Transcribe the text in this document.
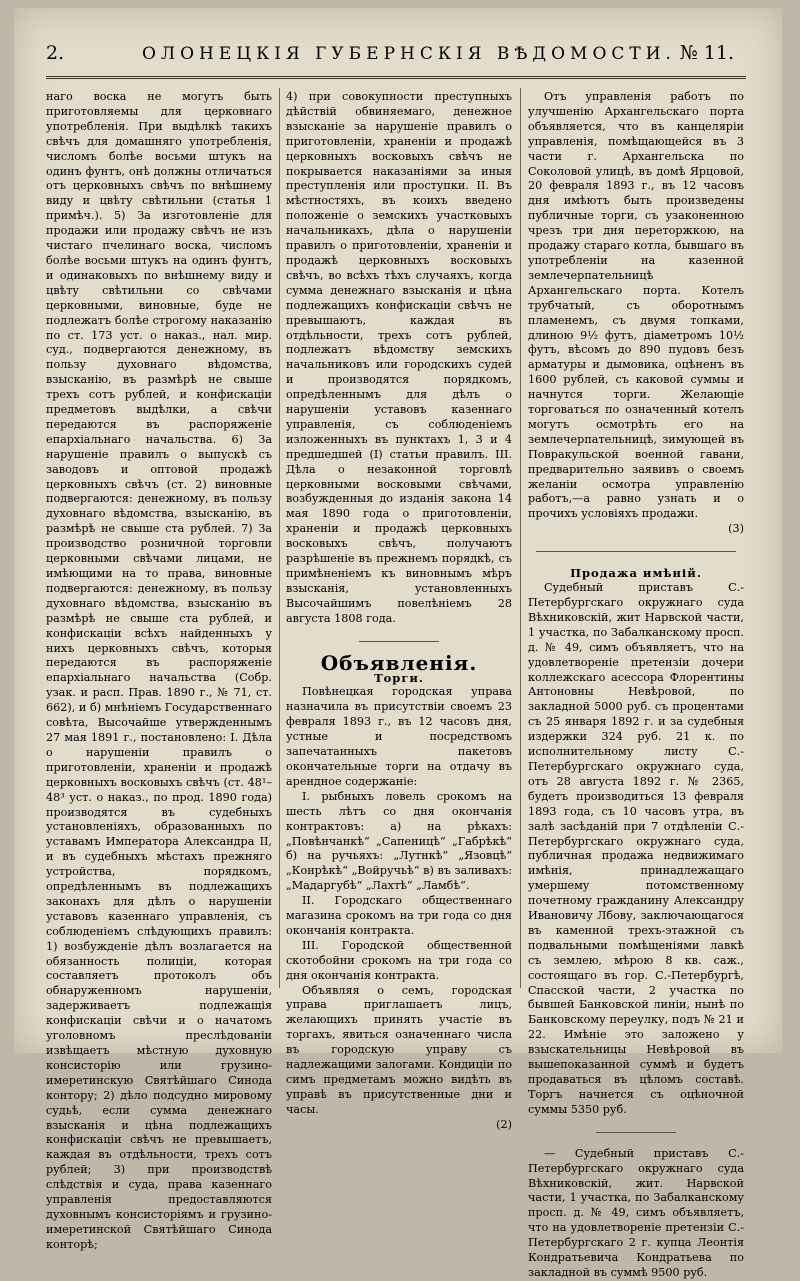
2.	ОЛОНЕЦКІЯ ГУБЕРНСКІЯ ВѢДОМОСТИ. № 11.

наго воска не могутъ быть приготовляемы для церковнаго употребленія. При выдѣлкѣ такихъ свѣчъ для домашняго употребленія, числомъ болѣе восьми штукъ на одинъ фунтъ, онѣ должны отличаться отъ церковныхъ свѣчъ по внѣшнему виду и цвѣту свѣтильни (статья 1 примѣч.). 5) За изготовленіе для продажи или продажу свѣчъ не изъ чистаго пчелинаго воска, числомъ болѣе восьми штукъ на одинъ фунтъ, и одинаковыхъ по внѣшнему виду и цвѣту свѣтильни со свѣчами церковными, виновные, буде не подлежатъ болѣе строгому наказанію по ст. 173 уст. о наказ., нал. мир. суд., подвергаются денежному, въ пользу духовнаго вѣдомства, взысканію, въ размѣрѣ не свыше трехъ сотъ рублей, и конфискаціи предметовъ выдѣлки, а свѣчи передаются въ распоряженіе епархіальнаго начальства. 6) За нарушеніе правилъ о выпускѣ съ заводовъ и оптовой продажѣ церковныхъ свѣчъ (ст. 2) виновные подвергаются: денежному, въ пользу духовнаго вѣдомства, взысканію, въ размѣрѣ не свыше ста рублей. 7) За производство розничной торговли церковными свѣчами лицами, не имѣющими на то права, виновные подвергаются: денежному, въ пользу духовнаго вѣдомства, взысканію въ размѣрѣ не свыше ста рублей, и конфискаціи всѣхъ найденныхъ у нихъ церковныхъ свѣчъ, которыя передаются въ распоряженіе епархіальнаго начальства (Собр. узак. и расп. Прав. 1890 г., № 71, ст. 662), и б) мнѣніемъ Государственнаго совѣта, Высочайше утвержденнымъ 27 мая 1891 г., постановлено: I. Дѣла о нарушеніи правилъ о приготовленіи, храненіи и продажѣ церковныхъ восковыхъ свѣчъ (ст. 48¹–48³ уст. о наказ., по прод. 1890 года) производятся въ судебныхъ установленіяхъ, образованныхъ по уставамъ Императора Александра II, и въ судебныхъ мѣстахъ прежняго устройства, порядкомъ, опредѣленнымъ въ подлежащихъ законахъ для дѣлъ о нарушеніи уставовъ казеннаго управленія, съ соблюденіемъ слѣдующихъ правилъ: 1) возбужденіе дѣлъ возлагается на обязанность полиціи, которая составляетъ протоколъ объ обнаруженномъ нарушеніи, задерживаетъ подлежащія конфискаціи свѣчи и о начатомъ уголовномъ преслѣдованіи извѣщаетъ мѣстную духовную консисторію или грузино-имеретинскую Святѣйшаго Синода контору; 2) дѣло подсудно мировому судьѣ, если сумма денежнаго взысканія и цѣна подлежащихъ конфискаціи свѣчъ не превышаетъ, каждая въ отдѣльности, трехъ сотъ рублей; 3) при производствѣ слѣдствія и суда, права казеннаго управленія предоставляются духовнымъ консисторіямъ и грузино-имеретинской Святѣйшаго Синода конторѣ;

4) при совокупности преступныхъ дѣйствій обвиняемаго, денежное взысканіе за нарушеніе правилъ о приготовленіи, храненіи и продажѣ церковныхъ восковыхъ свѣчъ не покрывается наказаніями за иныя преступленія или проступки. II. Въ мѣстностяхъ, въ коихъ введено положеніе о земскихъ участковыхъ начальникахъ, дѣла о нарушеніи правилъ о приготовленіи, храненіи и продажѣ церковныхъ восковыхъ свѣчъ, во всѣхъ тѣхъ случаяхъ, когда сумма денежнаго взысканія и цѣна подлежащихъ конфискаціи свѣчъ не превышаютъ, каждая въ отдѣльности, трехъ сотъ рублей, подлежатъ вѣдомству земскихъ начальниковъ или городскихъ судей и производятся порядкомъ, опредѣленнымъ для дѣлъ о нарушеніи уставовъ казеннаго управленія, съ соблюденіемъ изложенныхъ въ пунктахъ 1, 3 и 4 предшедшей (I) статьи правилъ. III. Дѣла о незаконной торговлѣ церковными восковыми свѣчами, возбужденныя до изданія закона 14 мая 1890 года о приготовленіи, храненіи и продажѣ церковныхъ восковыхъ свѣчъ, получаютъ разрѣшеніе въ прежнемъ порядкѣ, съ примѣненіемъ къ виновнымъ мѣръ взысканія, установленныхъ Высочайшимъ повелѣніемъ 28 августа 1808 года.

Объявленія.

Торги.

Повѣнецкая городская управа назначила въ присутствіи своемъ 23 февраля 1893 г., въ 12 часовъ дня, устные и посредствомъ запечатанныхъ пакетовъ окончательные торги на отдачу въ арендное содержаніе:

I. рыбныхъ ловель срокомъ на шесть лѣтъ со дня окончанія контрактовъ: а) на рѣкахъ: „Повѣнчанкѣ“ „Сапеницѣ“ „Габрѣкѣ“ б) на ручьяхъ: „Лутнкѣ“ „Язовцѣ“ „Конрѣкѣ“ „Войручьѣ“ в) въ заливахъ: „Мадаргубѣ“ „Лахтѣ“ „Ламбѣ“.

II. Городскаго общественнаго магазина срокомъ на три года со дня окончанія контракта.

III. Городской общественной скотобойни срокомъ на три года со дня окончанія контракта.

Объявляя о семъ, городская управа приглашаетъ лицъ, желающихъ принять участіе въ торгахъ, явиться означеннаго числа въ городскую управу съ надлежащими залогами. Кондиціи по симъ предметамъ можно видѣть въ управѣ въ присутственные дни и часы.

(2)

Отъ управленія работъ по улучшенію Архангельскаго порта объявляется, что въ канцеляріи управленія, помѣщающейся въ 3 части г. Архангельска по Соколовой улицѣ, въ домѣ Ярцовой, 20 февраля 1893 г., въ 12 часовъ дня имѣютъ быть произведены публичные торги, съ узаконенною чрезъ три дня переторжкою, на продажу стараго котла, бывшаго въ употребленіи на казенной землечерпательницѣ Архангельскаго порта. Котелъ трубчатый, съ оборотнымъ пламенемъ, съ двумя топками, длиною 9½ футъ, діаметромъ 10½ футъ, вѣсомъ до 890 пудовъ безъ арматуры и дымовика, оцѣненъ въ 1600 рублей, съ каковой суммы и начнутся торги. Желающіе торговаться по означенный котелъ могутъ осмотрѣть его на землечерпательницѣ, зимующей въ Повракульской военной гавани, предварительно заявивъ о своемъ желаніи осмотра управленію работъ,—а равно узнать и о прочихъ условіяхъ продажи.

(3)

Продажа имѣній.

Судебный приставъ С.-Петербургскаго окружнаго суда Вѣхниковскій, жит Нарвской части, 1 участка, по Забалканскому просп. д. № 49, симъ объявляетъ, что на удовлетвореніе претензіи дочери коллежскаго асессора Флорентины Антоновны Невѣровой, по закладной 5000 руб. съ процентами съ 25 января 1892 г. и за судебныя издержки 324 руб. 21 к. по исполнительному листу С.-Петербургскаго окружнаго суда, отъ 28 августа 1892 г. № 2365, будетъ производиться 13 февраля 1893 года, съ 10 часовъ утра, въ залѣ засѣданій при 7 отдѣленіи С.-Петербургскаго окружнаго суда, публичная продажа недвижимаго имѣнія, принадлежащаго умершему потомственному почетному гражданину Александру Ивановичу Лбову, заключающагося въ каменной трехъ-этажной съ подвальными помѣщеніями лавкѣ съ землею, мѣрою 8 кв. саж., состоящаго въ гор. С.-Петербургѣ, Спасской части, 2 участка по бывшей Банковской линіи, нынѣ по Банковскому переулку, подъ № 21 и 22. Имѣніе это заложено у взыскательницы Невѣровой въ вышепоказанной суммѣ и будетъ продаваться въ цѣломъ составѣ. Торгъ начнется съ оцѣночной суммы 5350 руб.

— Судебный приставъ С.-Петербургскаго окружнаго суда Вѣхниковскій, жит. Нарвской части, 1 участка, по Забалканскому просп. д. № 49, симъ объявляетъ, что на удовлетвореніе претензіи С.-Петербургскаго 2 г. купца Леонтія Кондратьевича Кондратьева по закладной въ суммѣ 9500 руб.
